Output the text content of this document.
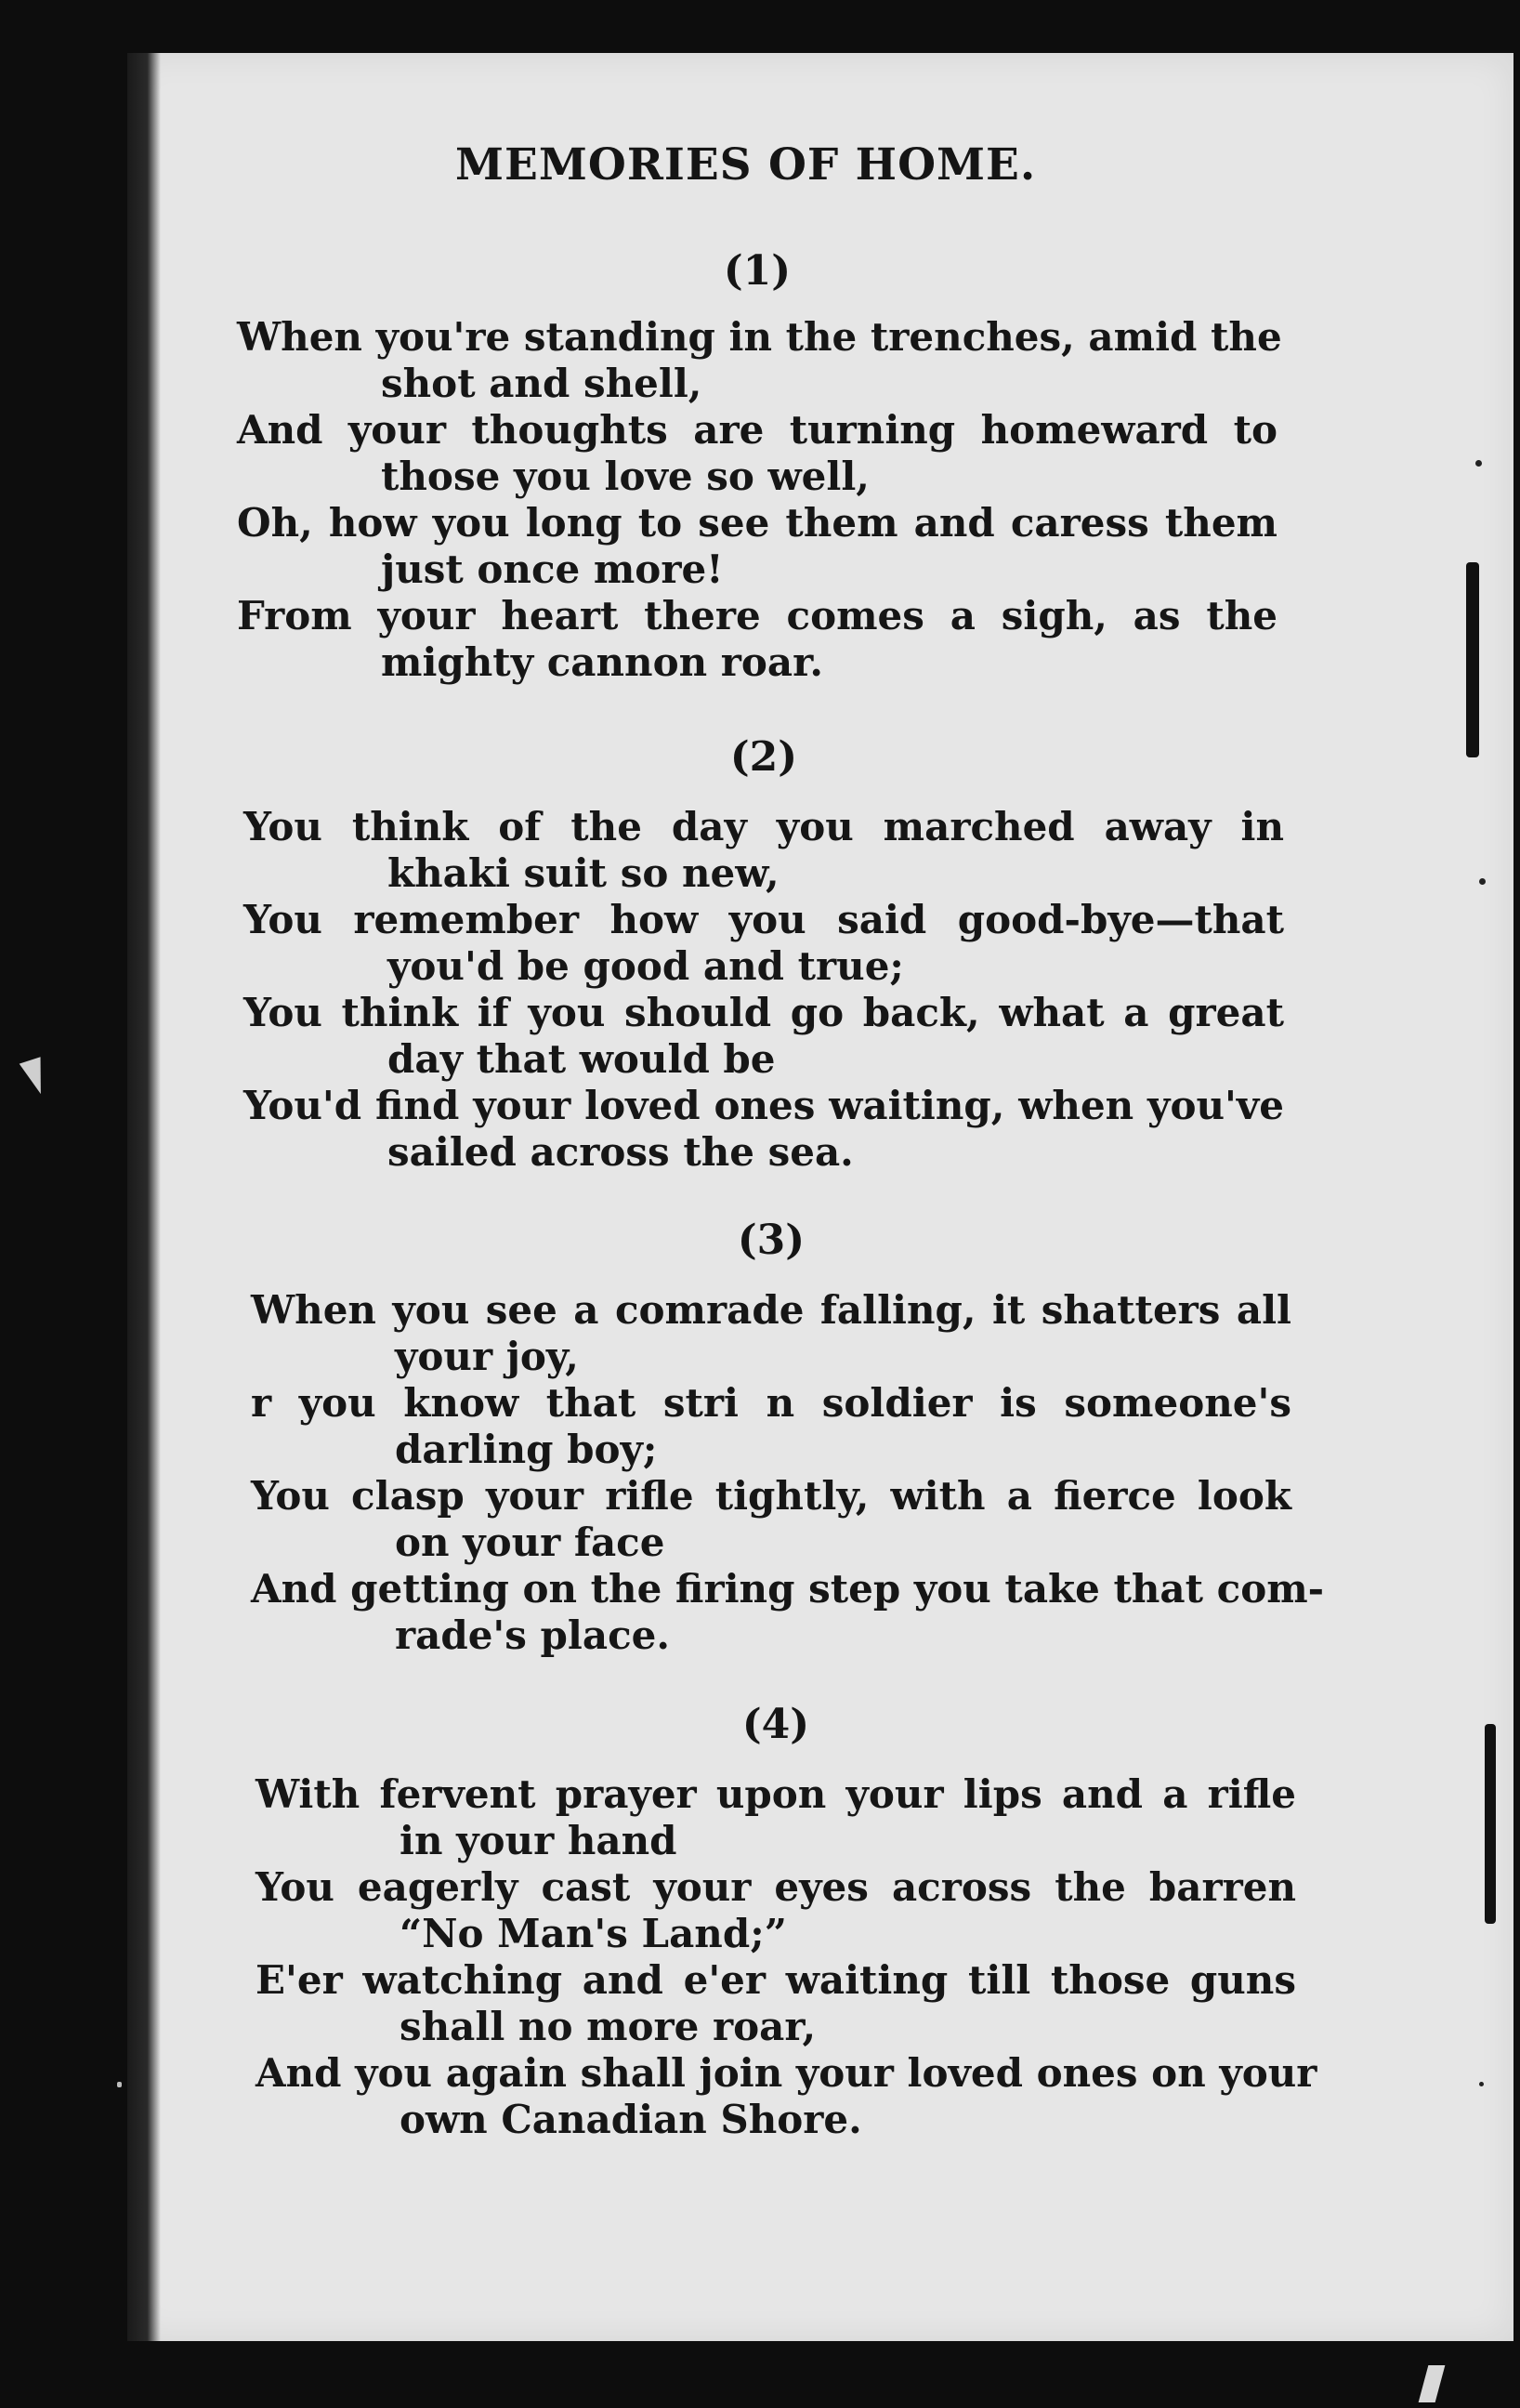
MEMORIES OF HOME.
(1)
When you're standing in the trenches, amid the
shot and shell,
And your thoughts are turning homeward to
those you love so well,
Oh, how you long to see them and caress them
just once more!
From your heart there comes a sigh, as the
mighty cannon roar.
(2)
You think of the day you marched away in
khaki suit so new,
You remember how you said good-bye—that
you'd be good and true;
You think if you should go back, what a great
day that would be
You'd find your loved ones waiting, when you've
sailed across the sea.
(3)
When you see a comrade falling, it shatters all
your joy,
r you know that stri n soldier is someone's
darling boy;
You clasp your rifle tightly, with a fierce look
on your face
And getting on the firing step you take that com-
rade's place.
(4)
With fervent prayer upon your lips and a rifle
in your hand
You eagerly cast your eyes across the barren
“No Man's Land;”
E'er watching and e'er waiting till those guns
shall no more roar,
And you again shall join your loved ones on your
own Canadian Shore.
